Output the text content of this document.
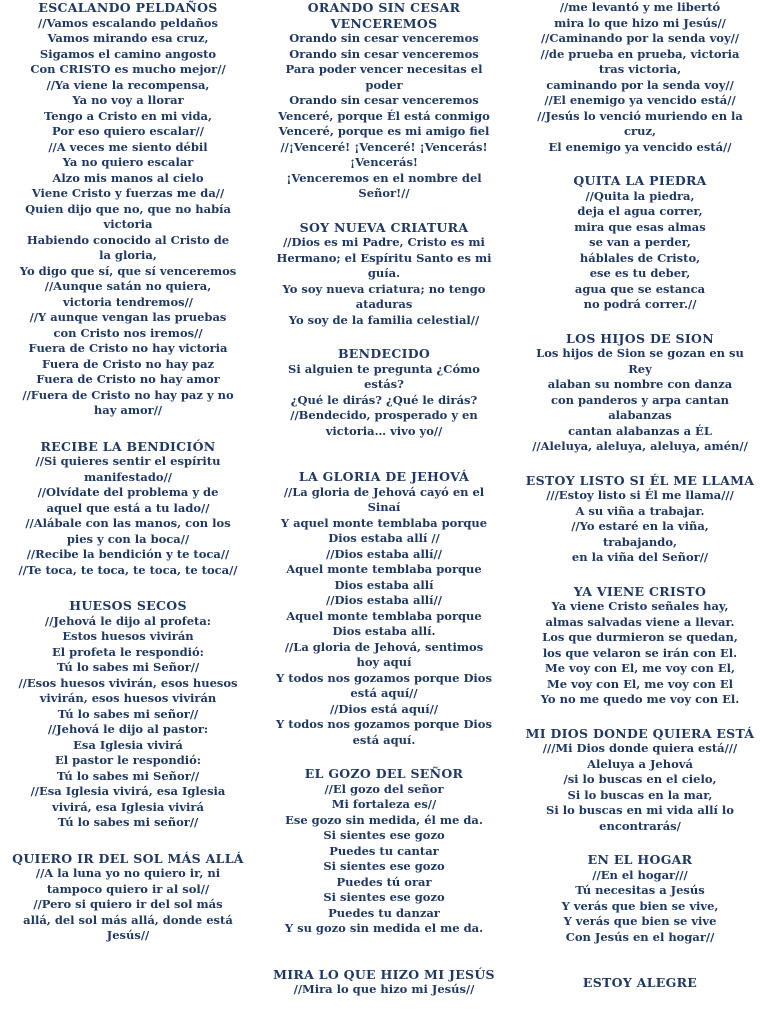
ESCALANDO PELDAÑOS

//Vamos escalando peldaños

Vamos mirando esa cruz,

Sigamos el camino angosto

Con CRISTO es mucho mejor//

//Ya viene la recompensa,

Ya no voy a llorar

Tengo a Cristo en mi vida,

Por eso quiero escalar//

//A veces me siento débil

Ya no quiero escalar

Alzo mis manos al cielo

Viene Cristo y fuerzas me da//

Quien dijo que no, que no había

victoria

Habiendo conocido al Cristo de

la gloria,

Yo digo que sí, que sí venceremos

//Aunque satán no quiera,

victoria tendremos//

//Y aunque vengan las pruebas

con Cristo nos iremos//

Fuera de Cristo no hay victoria

Fuera de Cristo no hay paz

Fuera de Cristo no hay amor

//Fuera de Cristo no hay paz y no

hay amor//

RECIBE LA BENDICIÓN

//Si quieres sentir el espíritu

manifestado//

//Olvídate del problema y de

aquel que está a tu lado//

//Alábale con las manos, con los

pies y con la boca//

//Recibe la bendición y te toca//

//Te toca, te toca, te toca, te toca//

HUESOS SECOS

//Jehová le dijo al profeta:

Estos huesos vivirán

El profeta le respondió:

Tú lo sabes mi Señor//

//Esos huesos vivirán, esos huesos

vivirán, esos huesos vivirán

Tú lo sabes mi señor//

//Jehová le dijo al pastor:

Esa Iglesia vivirá

El pastor le respondió:

Tú lo sabes mi Señor//

//Esa Iglesia vivirá, esa Iglesia

vivirá, esa Iglesia vivirá

Tú lo sabes mi señor//

QUIERO IR DEL SOL MÁS ALLÁ

//A la luna yo no quiero ir, ni

tampoco quiero ir al sol//

//Pero si quiero ir del sol más

allá, del sol más allá, donde está

Jesús//

ORANDO SIN CESAR VENCEREMOS

Orando sin cesar venceremos

Orando sin cesar venceremos

Para poder vencer necesitas el

poder

Orando sin cesar venceremos

Venceré, porque Él está conmigo

Venceré, porque es mi amigo fiel

//¡Venceré! ¡Venceré! ¡Vencerás!

¡Vencerás!

¡Venceremos en el nombre del

Señor!//

SOY NUEVA CRIATURA

//Dios es mi Padre, Cristo es mi

Hermano; el Espíritu Santo es mi

guía.

Yo soy nueva criatura; no tengo

ataduras

Yo soy de la familia celestial//

BENDECIDO

Si alguien te pregunta ¿Cómo

estás?

¿Qué le dirás? ¿Qué le dirás?

//Bendecido, prosperado y en

victoria… vivo yo//

LA GLORIA DE JEHOVÁ

//La gloria de Jehová cayó en el

Sinaí

Y aquel monte temblaba porque

Dios estaba allí //

//Dios estaba allí//

Aquel monte temblaba porque

Dios estaba allí

//Dios estaba allí//

Aquel monte temblaba porque

Dios estaba allí.

//La gloria de Jehová, sentimos

hoy aquí

Y todos nos gozamos porque Dios

está aquí//

//Dios está aquí//

Y todos nos gozamos porque Dios

está aquí.

EL GOZO DEL SEÑOR

//El gozo del señor

Mi fortaleza es//

Ese gozo sin medida, él me da.

Si sientes ese gozo

Puedes tu cantar

Si sientes ese gozo

Puedes tú orar

Si sientes ese gozo

Puedes tu danzar

Y su gozo sin medida el me da.

MIRA LO QUE HIZO MI JESÚS

//Mira lo que hizo mi Jesús//

//me levantó y me libertó

mira lo que hizo mi Jesús//

//Caminando por la senda voy//

//de prueba en prueba, victoria

tras victoria,

caminando por la senda voy//

//El enemigo ya vencido está//

//Jesús lo venció muriendo en la

cruz,

El enemigo ya vencido está//

QUITA LA PIEDRA

//Quita la piedra,

deja el agua correr,

mira que esas almas

se van a perder,

háblales de Cristo,

ese es tu deber,

agua que se estanca

no podrá correr.//

LOS HIJOS DE SION

Los hijos de Sion se gozan en su

Rey

alaban su nombre con danza

con panderos y arpa cantan

alabanzas

cantan alabanzas a ÉL

//Aleluya, aleluya, aleluya, amén//

ESTOY LISTO SI ÉL ME LLAMA

///Estoy listo si Él me llama///

A su viña a trabajar.

//Yo estaré en la viña,

trabajando,

en la viña del Señor//

YA VIENE CRISTO

Ya viene Cristo señales hay,

almas salvadas viene a llevar.

Los que durmieron se quedan,

los que velaron se irán con El.

Me voy con El, me voy con El,

Me voy con El, me voy con El

Yo no me quedo me voy con El.

MI DIOS DONDE QUIERA ESTÁ

///Mi Dios donde quiera está///

Aleluya a Jehová

/si lo buscas en el cielo,

Si lo buscas en la mar,

Si lo buscas en mi vida allí lo

encontrarás/

EN EL HOGAR

//En el hogar///

Tú necesitas a Jesús

Y verás que bien se vive,

Y verás que bien se vive

Con Jesús en el hogar//

ESTOY ALEGRE
